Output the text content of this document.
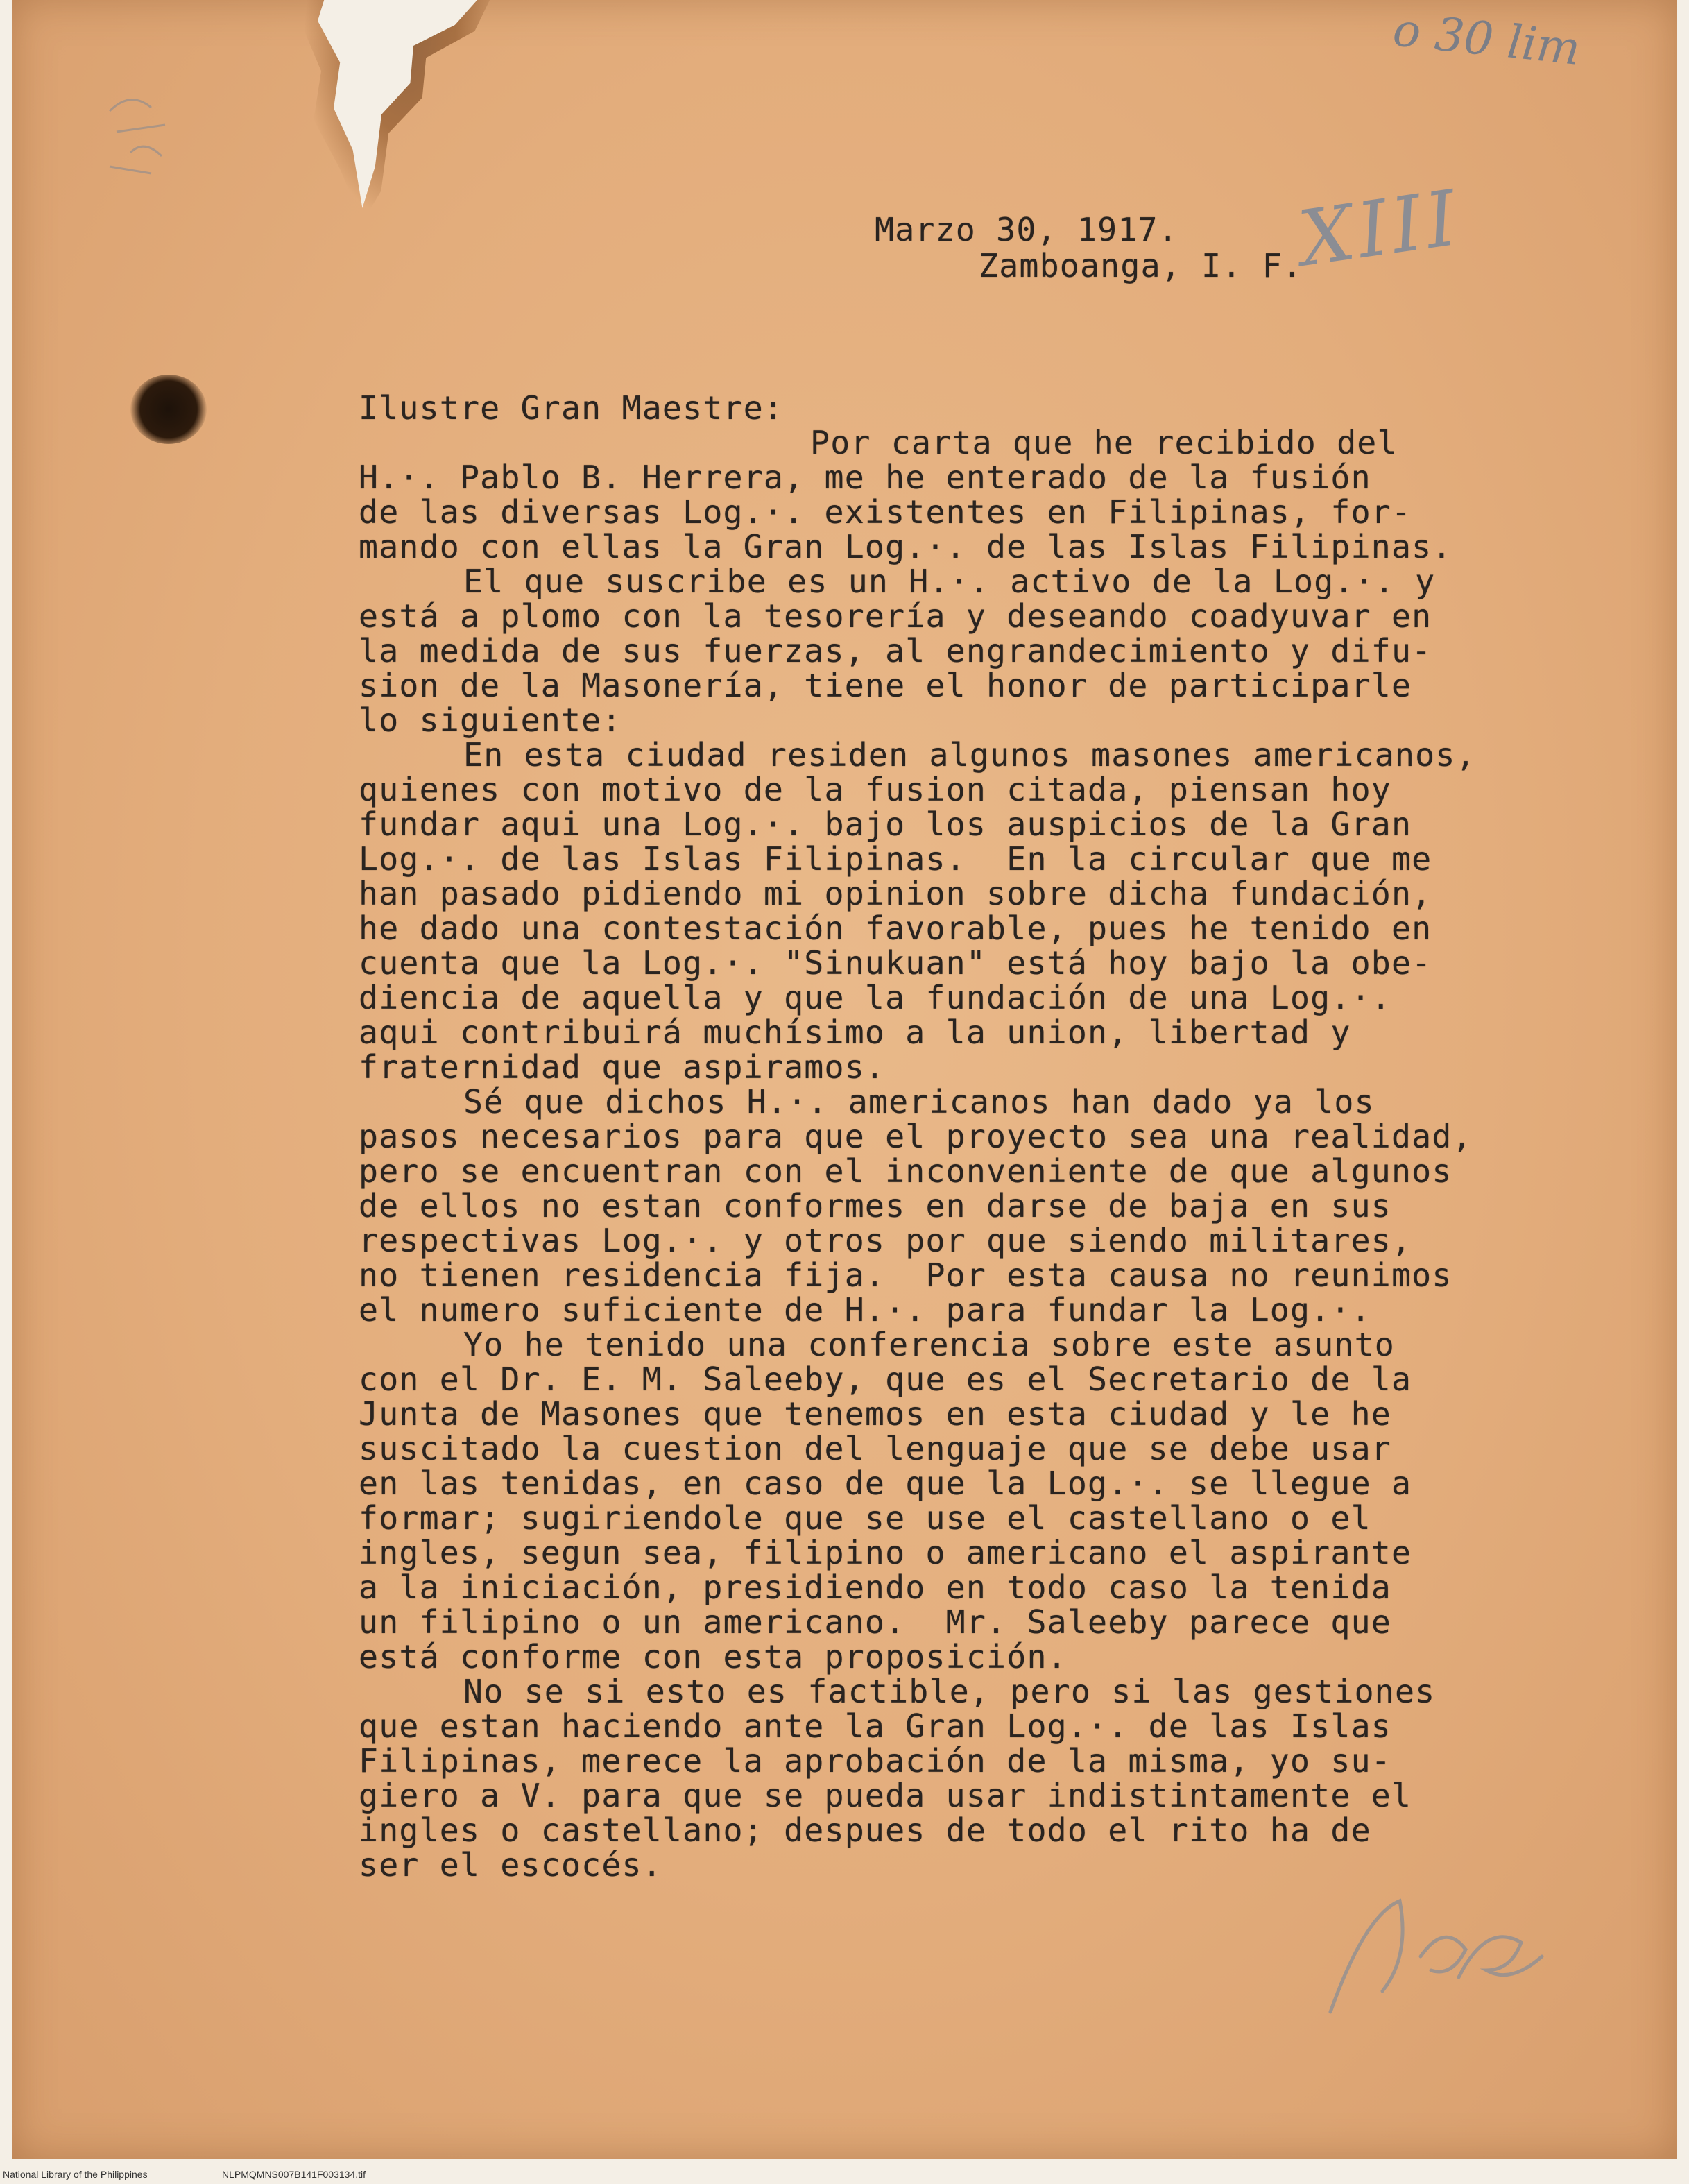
o 30 lim
XIII
Marzo 30, 1917.
Zamboanga, I. F.
Ilustre Gran Maestre:
Por carta que he recibido del
H.·. Pablo B. Herrera, me he enterado de la fusión
de las diversas Log.·. existentes en Filipinas, for-
mando con ellas la Gran Log.·. de las Islas Filipinas.
El que suscribe es un H.·. activo de la Log.·. y
está a plomo con la tesorería y deseando coadyuvar en
la medida de sus fuerzas, al engrandecimiento y difu-
sion de la Masonería, tiene el honor de participarle
lo siguiente:
En esta ciudad residen algunos masones americanos,
quienes con motivo de la fusion citada, piensan hoy
fundar aqui una Log.·. bajo los auspicios de la Gran
Log.·. de las Islas Filipinas.  En la circular que me
han pasado pidiendo mi opinion sobre dicha fundación,
he dado una contestación favorable, pues he tenido en
cuenta que la Log.·. "Sinukuan" está hoy bajo la obe-
diencia de aquella y que la fundación de una Log.·.
aqui contribuirá muchísimo a la union, libertad y
fraternidad que aspiramos.
Sé que dichos H.·. americanos han dado ya los
pasos necesarios para que el proyecto sea una realidad,
pero se encuentran con el inconveniente de que algunos
de ellos no estan conformes en darse de baja en sus
respectivas Log.·. y otros por que siendo militares,
no tienen residencia fija.  Por esta causa no reunimos
el numero suficiente de H.·. para fundar la Log.·.
Yo he tenido una conferencia sobre este asunto
con el Dr. E. M. Saleeby, que es el Secretario de la
Junta de Masones que tenemos en esta ciudad y le he
suscitado la cuestion del lenguaje que se debe usar
en las tenidas, en caso de que la Log.·. se llegue a
formar; sugiriendole que se use el castellano o el
ingles, segun sea, filipino o americano el aspirante
a la iniciación, presidiendo en todo caso la tenida
un filipino o un americano.  Mr. Saleeby parece que
está conforme con esta proposición.
No se si esto es factible, pero si las gestiones
que estan haciendo ante la Gran Log.·. de las Islas
Filipinas, merece la aprobación de la misma, yo su-
giero a V. para que se pueda usar indistintamente el
ingles o castellano; despues de todo el rito ha de
ser el escocés.
National Library of the Philippines	NLPMQMNS007B141F003134.tif
